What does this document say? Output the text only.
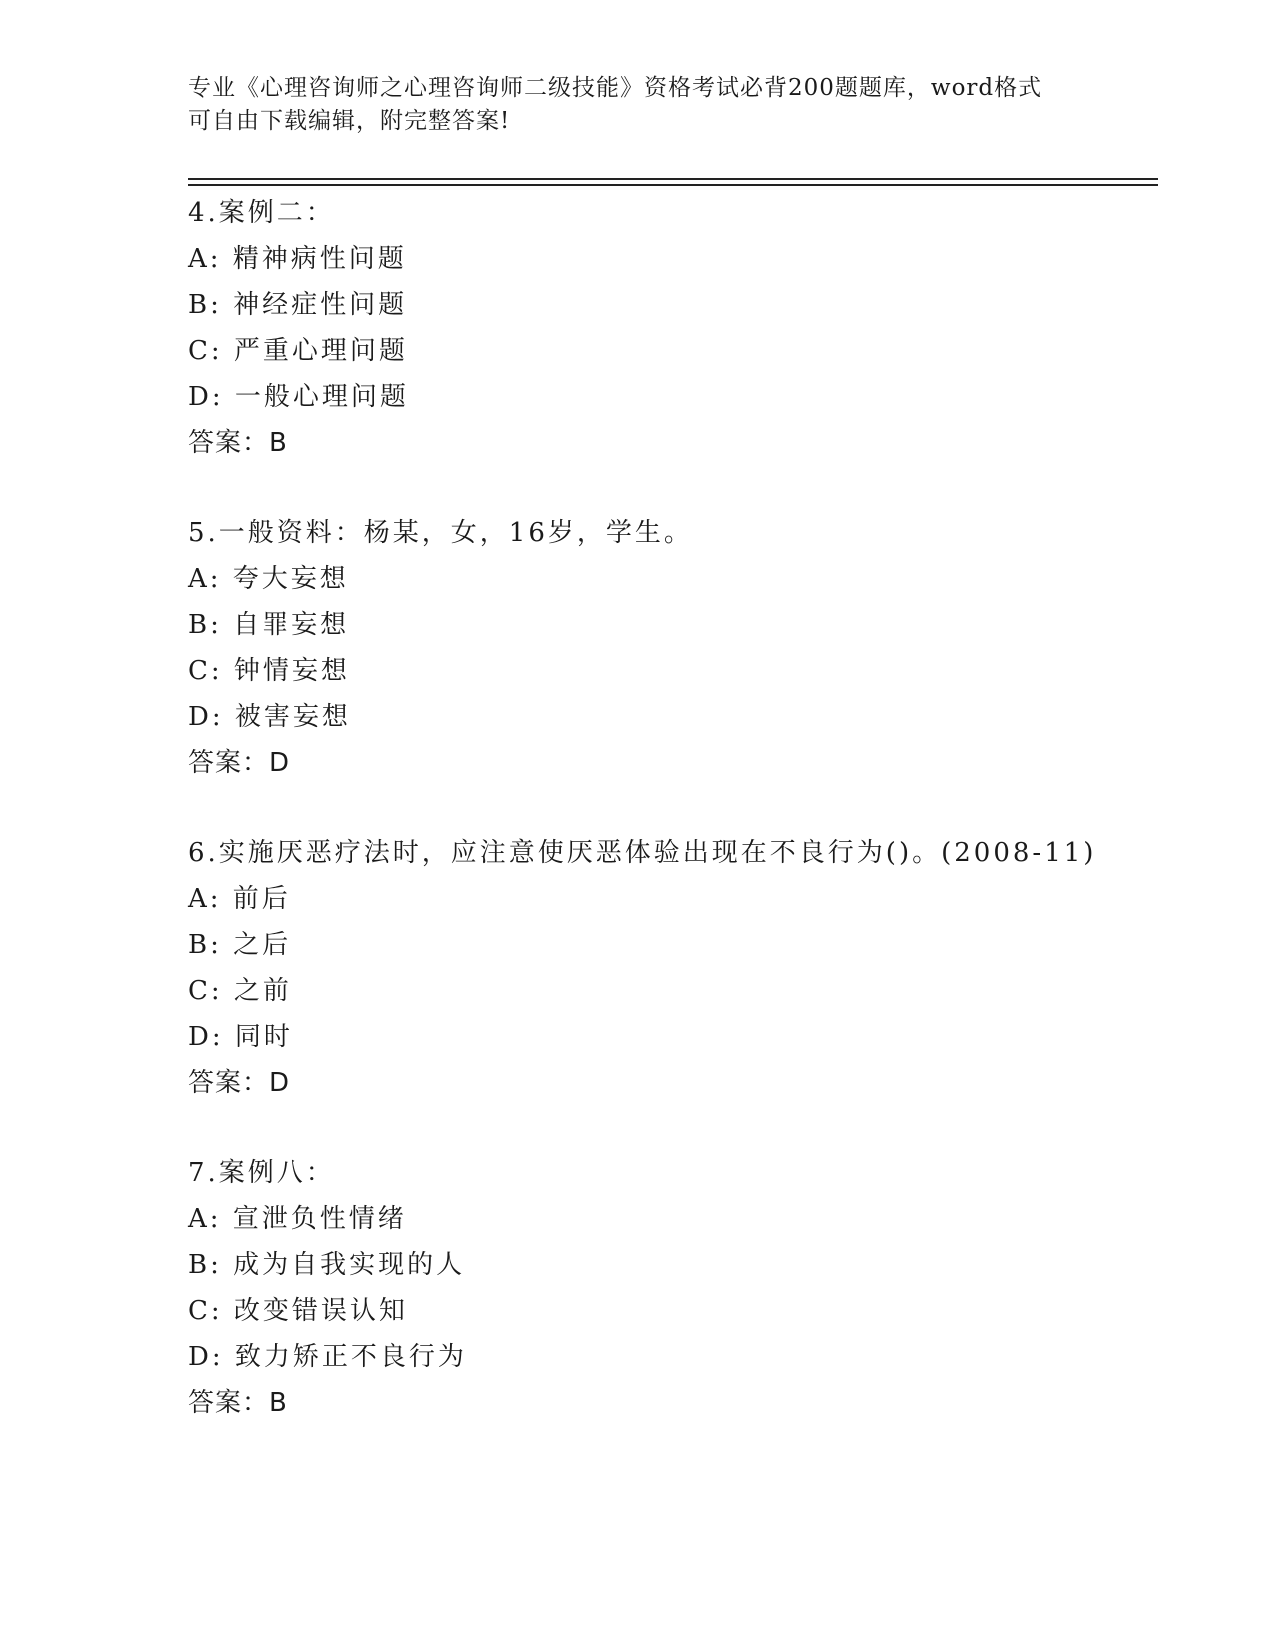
专业《心理咨询师之心理咨询师二级技能》资格考试必背200题题库，word格式
可自由下载编辑，附完整答案!
4.案例二：
A: 精神病性问题
B: 神经症性问题
C: 严重心理问题
D: 一般心理问题
答案：B
5.一般资料：杨某，女，16岁，学生。
A: 夸大妄想
B: 自罪妄想
C: 钟情妄想
D: 被害妄想
答案：D
6.实施厌恶疗法时，应注意使厌恶体验出现在不良行为()。(2008-11)
A: 前后
B: 之后
C: 之前
D: 同时
答案：D
7.案例八：
A: 宣泄负性情绪
B: 成为自我实现的人
C: 改变错误认知
D: 致力矫正不良行为
答案：B
